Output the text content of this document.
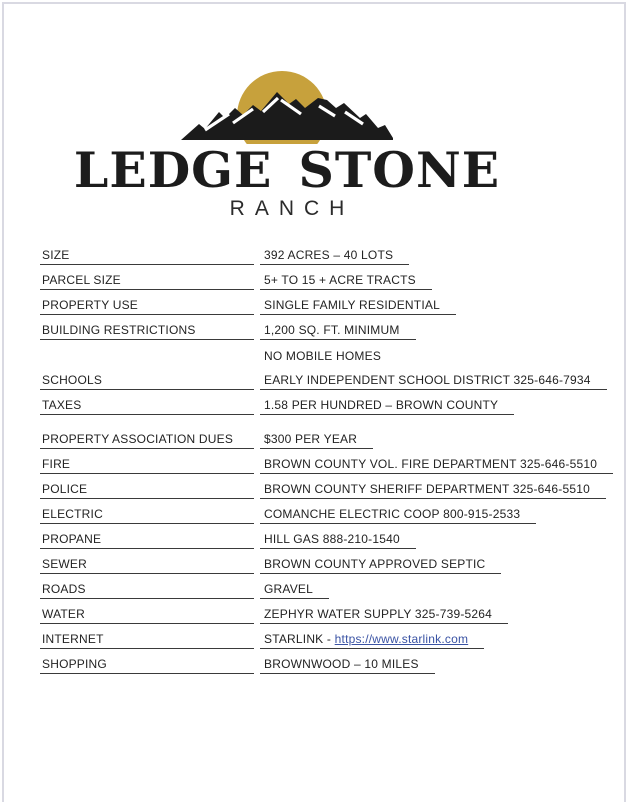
LEDGE STONE
RANCH
SIZE	392 ACRES – 40 LOTS
PARCEL SIZE	5+ TO 15 + ACRE TRACTS
PROPERTY USE	SINGLE FAMILY RESIDENTIAL
BUILDING RESTRICTIONS	1,200 SQ. FT. MINIMUM
NO MOBILE HOMES
SCHOOLS	EARLY INDEPENDENT SCHOOL DISTRICT 325-646-7934
TAXES	1.58 PER HUNDRED – BROWN COUNTY
PROPERTY ASSOCIATION DUES	$300 PER YEAR
FIRE	BROWN COUNTY VOL. FIRE DEPARTMENT 325-646-5510
POLICE	BROWN COUNTY SHERIFF DEPARTMENT 325-646-5510
ELECTRIC	COMANCHE ELECTRIC COOP 800-915-2533
PROPANE	HILL GAS 888-210-1540
SEWER	BROWN COUNTY APPROVED SEPTIC
ROADS	GRAVEL
WATER	ZEPHYR WATER SUPPLY 325-739-5264
INTERNET	STARLINK - https://www.starlink.com
SHOPPING	BROWNWOOD – 10 MILES
